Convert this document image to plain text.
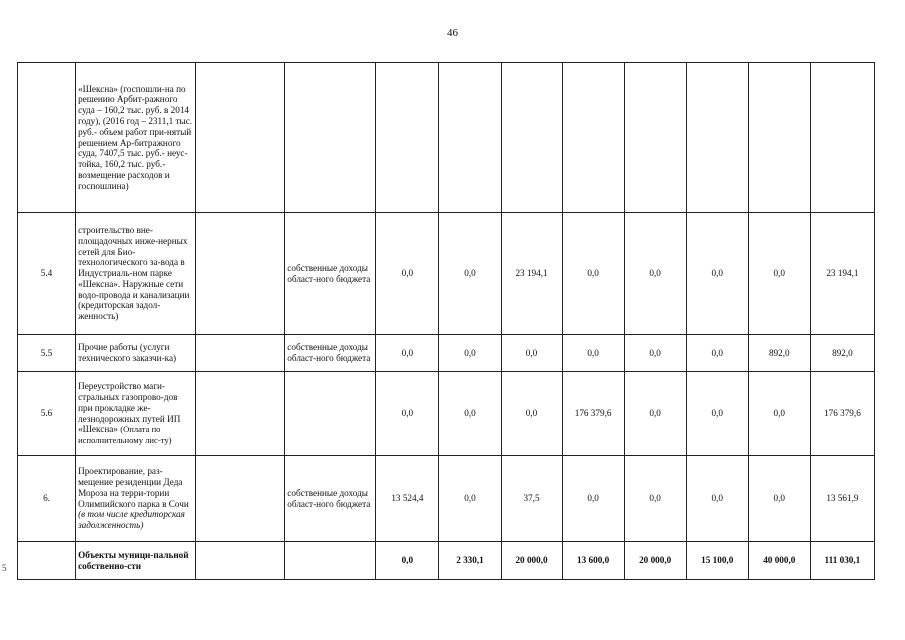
46
5
	«Шексна» (госпошли-на по решению Арбит-ражного суда – 160,2 тыс. руб. в 2014 году), (2016 год – 2311,1 тыс. руб.- объем работ при-нятый решением Ар-битражного суда, 7407,5 тыс. руб.- неус-тойка, 160,2 тыс. руб.-возмещение расходов и госпошлина)										
5.4	строительство вне-площадочных инже-нерных сетей для Био-технологического за-вода в Индустриаль-ном парке «Шексна». Наружные сети водо-провода и канализации (кредиторская задол-женность)		собственные доходы област-ного бюджета	0,0	0,0	23 194,1	0,0	0,0	0,0	0,0	23 194,1
5.5	Прочие работы (услуги технического заказчи-ка)		собственные доходы област-ного бюджета	0,0	0,0	0,0	0,0	0,0	0,0	892,0	892,0
5.6	Переустройство маги-стральных газопрово-дов при прокладке же-лезнодорожных путей ИП «Шексна» (Оплата по исполнительному лис-ту)			0,0	0,0	0,0	176 379,6	0,0	0,0	0,0	176 379,6
6.	Проектирование, раз-мещение резиденции Деда Мороза на терри-тории Олимпийского парка в Сочи (в том числе кредиторская задолженность)		собственные доходы област-ного бюджета	13 524,4	0,0	37,5	0,0	0,0	0,0	0,0	13 561,9
	Объекты муници-пальной собственно-сти			0,0	2 330,1	20 000,0	13 600,0	20 000,0	15 100,0	40 000,0	111 030,1
